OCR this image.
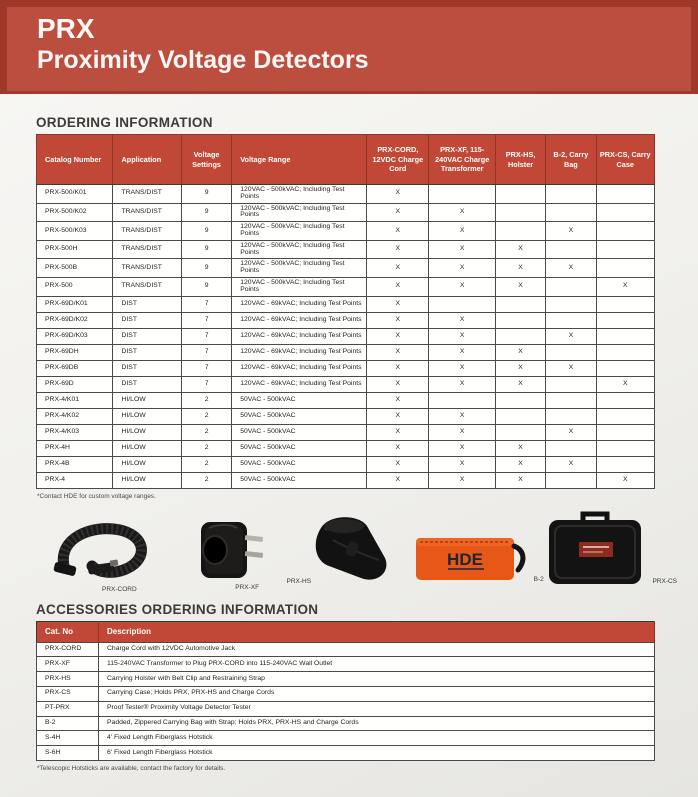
PRX
Proximity Voltage Detectors
ORDERING INFORMATION
Catalog Number	Application	Voltage Settings	Voltage Range	PRX-CORD, 12VDC Charge Cord	PRX-XF, 115-240VAC Charge Transformer	PRX-HS, Holster	B-2, Carry Bag	PRX-CS, Carry Case
PRX-500/K01	TRANS/DIST	9	120VAC - 500kVAC; Including Test Points	X				
PRX-500/K02	TRANS/DIST	9	120VAC - 500kVAC; Including Test Points	X	X			
PRX-500/K03	TRANS/DIST	9	120VAC - 500kVAC; Including Test Points	X	X		X	
PRX-500H	TRANS/DIST	9	120VAC - 500kVAC; Including Test Points	X	X	X		
PRX-500B	TRANS/DIST	9	120VAC - 500kVAC; Including Test Points	X	X	X	X	
PRX-500	TRANS/DIST	9	120VAC - 500kVAC; Including Test Points	X	X	X		X
PRX-69D/K01	DIST	7	120VAC - 69kVAC; Including Test Points	X				
PRX-69D/K02	DIST	7	120VAC - 69kVAC; Including Test Points	X	X			
PRX-69D/K03	DIST	7	120VAC - 69kVAC; Including Test Points	X	X		X	
PRX-69DH	DIST	7	120VAC - 69kVAC; Including Test Points	X	X	X		
PRX-69DB	DIST	7	120VAC - 69kVAC; Including Test Points	X	X	X	X	
PRX-69D	DIST	7	120VAC - 69kVAC; Including Test Points	X	X	X		X
PRX-4/K01	HI/LOW	2	50VAC - 500kVAC	X				
PRX-4/K02	HI/LOW	2	50VAC - 500kVAC	X	X			
PRX-4/K03	HI/LOW	2	50VAC - 500kVAC	X	X		X	
PRX-4H	HI/LOW	2	50VAC - 500kVAC	X	X	X		
PRX-4B	HI/LOW	2	50VAC - 500kVAC	X	X	X	X	
PRX-4	HI/LOW	2	50VAC - 500kVAC	X	X	X		X
*Contact HDE for custom voltage ranges.
PRX-CORD	PRX-XF
PRX-HS
HDE
B-2	PRX-CS
ACCESSORIES ORDERING INFORMATION
Cat. No	Description
PRX-CORD	Charge Cord with 12VDC Automotive Jack
PRX-XF	115-240VAC Transformer to Plug PRX-CORD into 115-240VAC Wall Outlet
PRX-HS	Carrying Holster with Belt Clip and Restraining Strap
PRX-CS	Carrying Case; Holds PRX, PRX-HS and Charge Cords
PT-PRX	Proof Tester® Proximity Voltage Detector Tester
B-2	Padded, Zippered Carrying Bag with Strap; Holds PRX, PRX-HS and Charge Cords
S-4H	4' Fixed Length Fiberglass Hotstick
S-6H	6' Fixed Length Fiberglass Hotstick
*Telescopic Hotsticks are available, contact the factory for details.
